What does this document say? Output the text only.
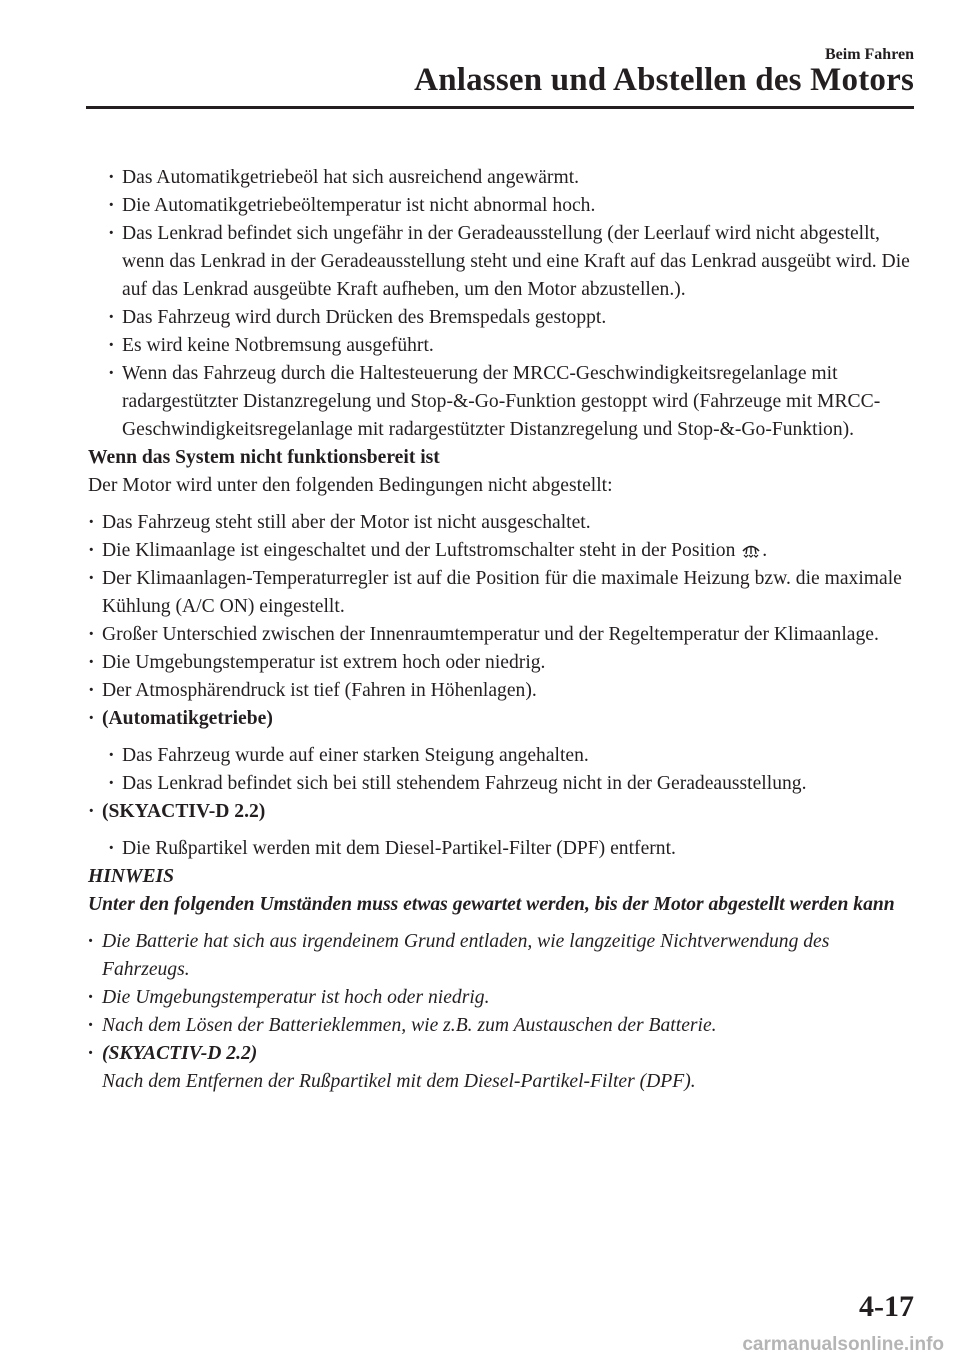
Beim Fahren
Anlassen und Abstellen des Motors
· Das Automatikgetriebeöl hat sich ausreichend angewärmt.
· Die Automatikgetriebeöltemperatur ist nicht abnormal hoch.
· Das Lenkrad befindet sich ungefähr in der Geradeausstellung (der Leerlauf wird nicht abgestellt, wenn das Lenkrad in der Geradeausstellung steht und eine Kraft auf das Lenkrad ausgeübt wird. Die auf das Lenkrad ausgeübte Kraft aufheben, um den Motor abzustellen.).
· Das Fahrzeug wird durch Drücken des Bremspedals gestoppt.
· Es wird keine Notbremsung ausgeführt.
· Wenn das Fahrzeug durch die Haltesteuerung der MRCC-Geschwindigkeitsregelanlage mit radargestützter Distanzregelung und Stop-&-Go-Funktion gestoppt wird (Fahrzeuge mit MRCC-Geschwindigkeitsregelanlage mit radargestützter Distanzregelung und Stop-&-Go-Funktion).

Wenn das System nicht funktionsbereit ist

Der Motor wird unter den folgenden Bedingungen nicht abgestellt:

· Das Fahrzeug steht still aber der Motor ist nicht ausgeschaltet.
· Die Klimaanlage ist eingeschaltet und der Luftstromschalter steht in der Position .
· Der Klimaanlagen-Temperaturregler ist auf die Position für die maximale Heizung bzw. die maximale Kühlung (A/C ON) eingestellt.
· Großer Unterschied zwischen der Innenraumtemperatur und der Regeltemperatur der Klimaanlage.
· Die Umgebungstemperatur ist extrem hoch oder niedrig.
· Der Atmosphärendruck ist tief (Fahren in Höhenlagen).
· (Automatikgetriebe)
· Das Fahrzeug wurde auf einer starken Steigung angehalten.
· Das Lenkrad befindet sich bei still stehendem Fahrzeug nicht in der Geradeausstellung.
· (SKYACTIV-D 2.2)
· Die Rußpartikel werden mit dem Diesel-Partikel-Filter (DPF) entfernt.

HINWEIS

Unter den folgenden Umständen muss etwas gewartet werden, bis der Motor abgestellt werden kann

· Die Batterie hat sich aus irgendeinem Grund entladen, wie langzeitige Nichtverwendung des Fahrzeugs.
· Die Umgebungstemperatur ist hoch oder niedrig.
· Nach dem Lösen der Batterieklemmen, wie z.B. zum Austauschen der Batterie.
· (SKYACTIV-D 2.2)
Nach dem Entfernen der Rußpartikel mit dem Diesel-Partikel-Filter (DPF).
4-17
carmanualsonline.info
